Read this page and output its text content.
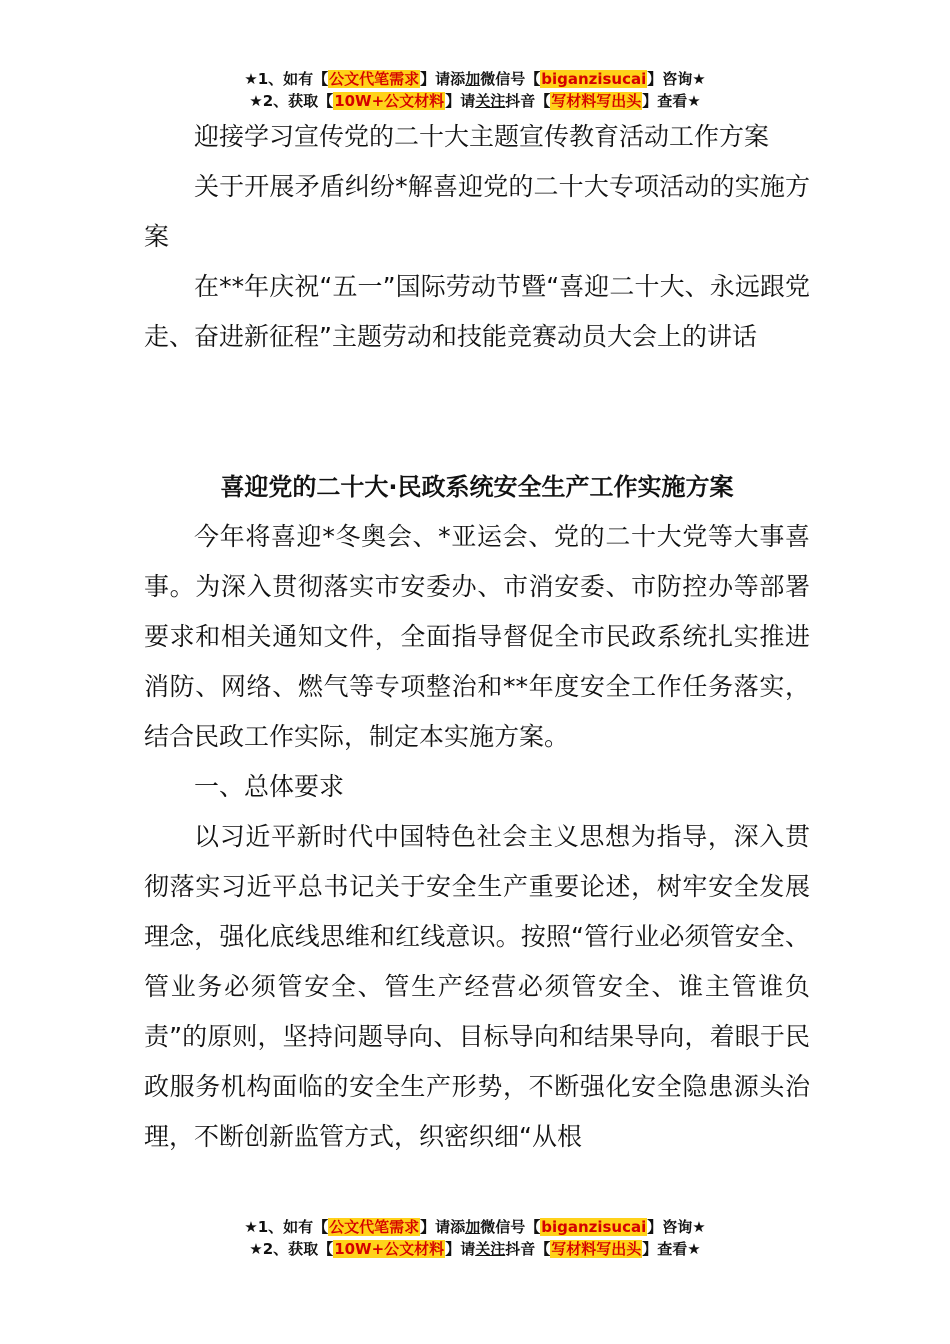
★1、如有【公文代笔需求】请添加微信号【biganzisucai】咨询★
★2、获取【10W+公文材料】请关注抖音【写材料写出头】查看★

迎接学习宣传党的二十大主题宣传教育活动工作方案

关于开展矛盾纠纷*解喜迎党的二十大专项活动的实施方案

在**年庆祝“五一”国际劳动节暨“喜迎二十大、永远跟党走、奋进新征程”主题劳动和技能竞赛动员大会上的讲话

喜迎党的二十大·民政系统安全生产工作实施方案

今年将喜迎*冬奥会、*亚运会、党的二十大党等大事喜事。为深入贯彻落实市安委办、市消安委、市防控办等部署要求和相关通知文件，全面指导督促全市民政系统扎实推进消防、网络、燃气等专项整治和**年度安全工作任务落实，结合民政工作实际，制定本实施方案。

一、总体要求

以习近平新时代中国特色社会主义思想为指导，深入贯彻落实习近平总书记关于安全生产重要论述，树牢安全发展理念，强化底线思维和红线意识。按照“管行业必须管安全、管业务必须管安全、管生产经营必须管安全、谁主管谁负责”的原则，坚持问题导向、目标导向和结果导向，着眼于民政服务机构面临的安全生产形势，不断强化安全隐患源头治理，不断创新监管方式，织密织细“从根

★1、如有【公文代笔需求】请添加微信号【biganzisucai】咨询★
★2、获取【10W+公文材料】请关注抖音【写材料写出头】查看★
